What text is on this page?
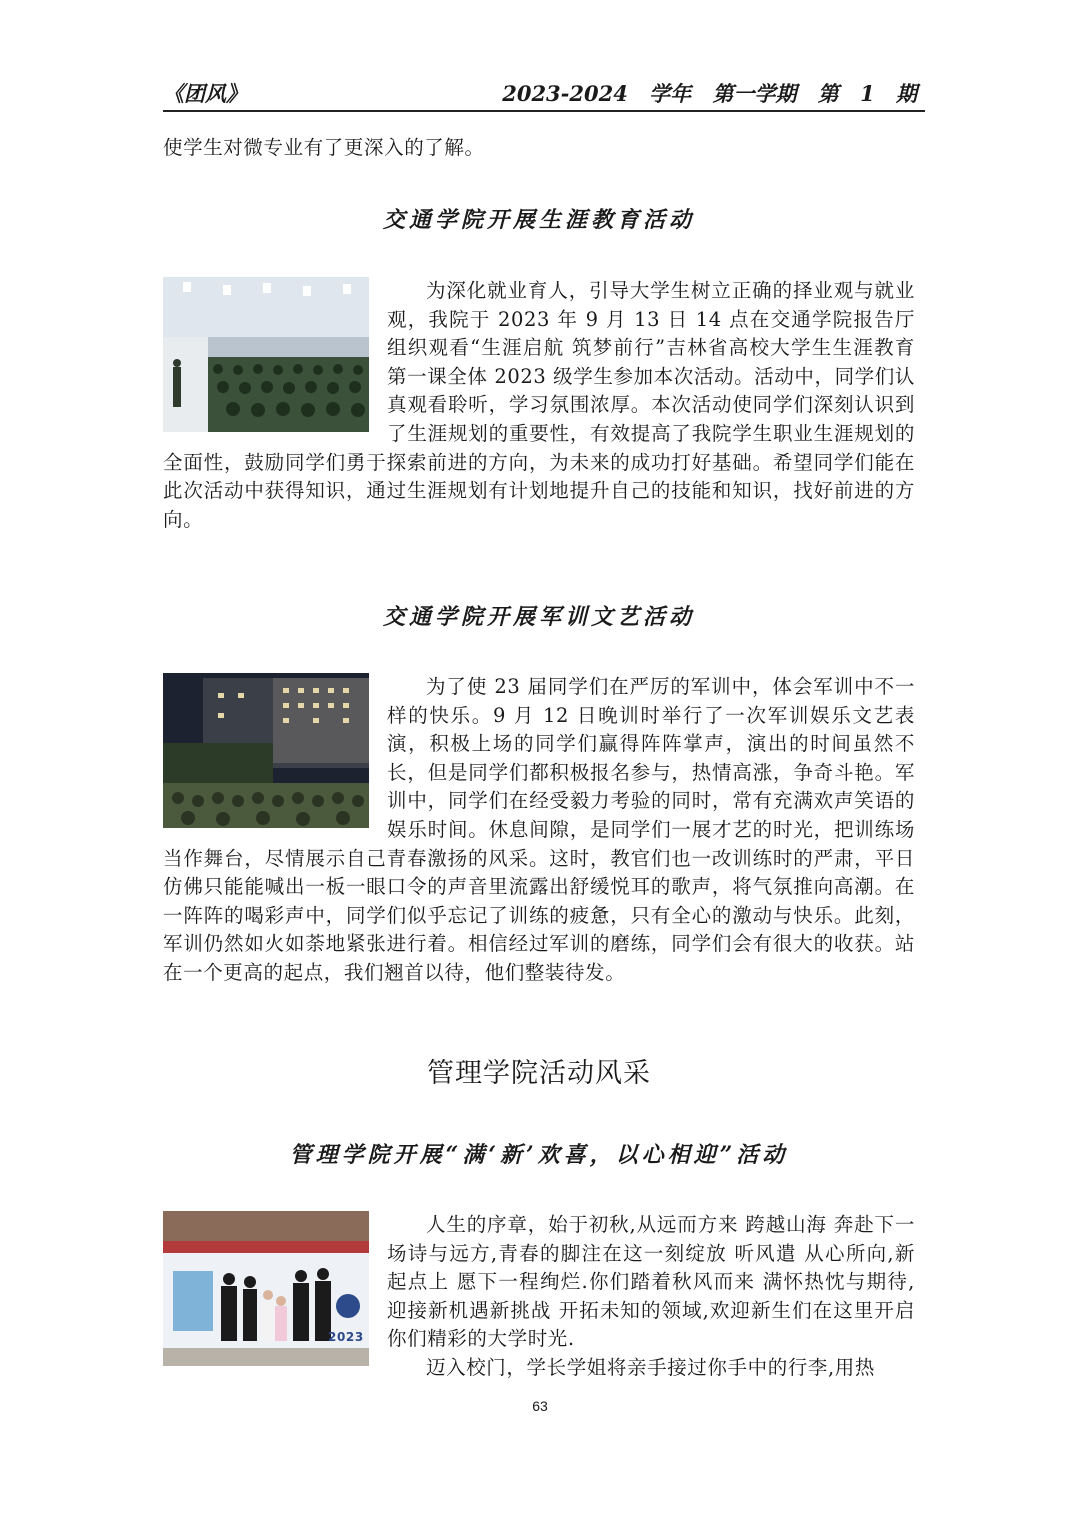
《团风》	2023-2024 学年 第一学期 第 1 期
使学生对微专业有了更深入的了解。
交通学院开展生涯教育活动
为深化就业育人，引导大学生树立正确的择业观与就业观，我院于 2023 年 9 月 13 日 14 点在交通学院报告厅组织观看“生涯启航 筑梦前行”吉林省高校大学生生涯教育第一课全体 2023 级学生参加本次活动。活动中，同学们认真观看聆听，学习氛围浓厚。本次活动使同学们深刻认识到了生涯规划的重要性，有效提高了我院学生职业生涯规划的全面性，鼓励同学们勇于探索前进的方向，为未来的成功打好基础。希望同学们能在此次活动中获得知识，通过生涯规划有计划地提升自己的技能和知识，找好前进的方向。
交通学院开展军训文艺活动
为了使 23 届同学们在严厉的军训中，体会军训中不一样的快乐。9 月 12 日晚训时举行了一次军训娱乐文艺表演，积极上场的同学们赢得阵阵掌声，演出的时间虽然不长，但是同学们都积极报名参与，热情高涨，争奇斗艳。军训中，同学们在经受毅力考验的同时，常有充满欢声笑语的娱乐时间。休息间隙，是同学们一展才艺的时光，把训练场当作舞台，尽情展示自己青春激扬的风采。这时，教官们也一改训练时的严肃，平日仿佛只能能喊出一板一眼口令的声音里流露出舒缓悦耳的歌声，将气氛推向高潮。在一阵阵的喝彩声中，同学们似乎忘记了训练的疲惫，只有全心的激动与快乐。此刻，军训仍然如火如荼地紧张进行着。相信经过军训的磨练，同学们会有很大的收获。站在一个更高的起点，我们翘首以待，他们整装待发。
管理学院活动风采
管理学院开展“满‘新’欢喜，以心相迎”活动
2023
人生的序章，始于初秋,从远而方来 跨越山海 奔赴下一场诗与远方,青春的脚注在这一刻绽放 听风遣 从心所向,新起点上 愿下一程绚烂.你们踏着秋风而来 满怀热忱与期待,迎接新机遇新挑战 开拓未知的领域,欢迎新生们在这里开启你们精彩的大学时光.
迈入校门，学长学姐将亲手接过你手中的行李,用热
63
